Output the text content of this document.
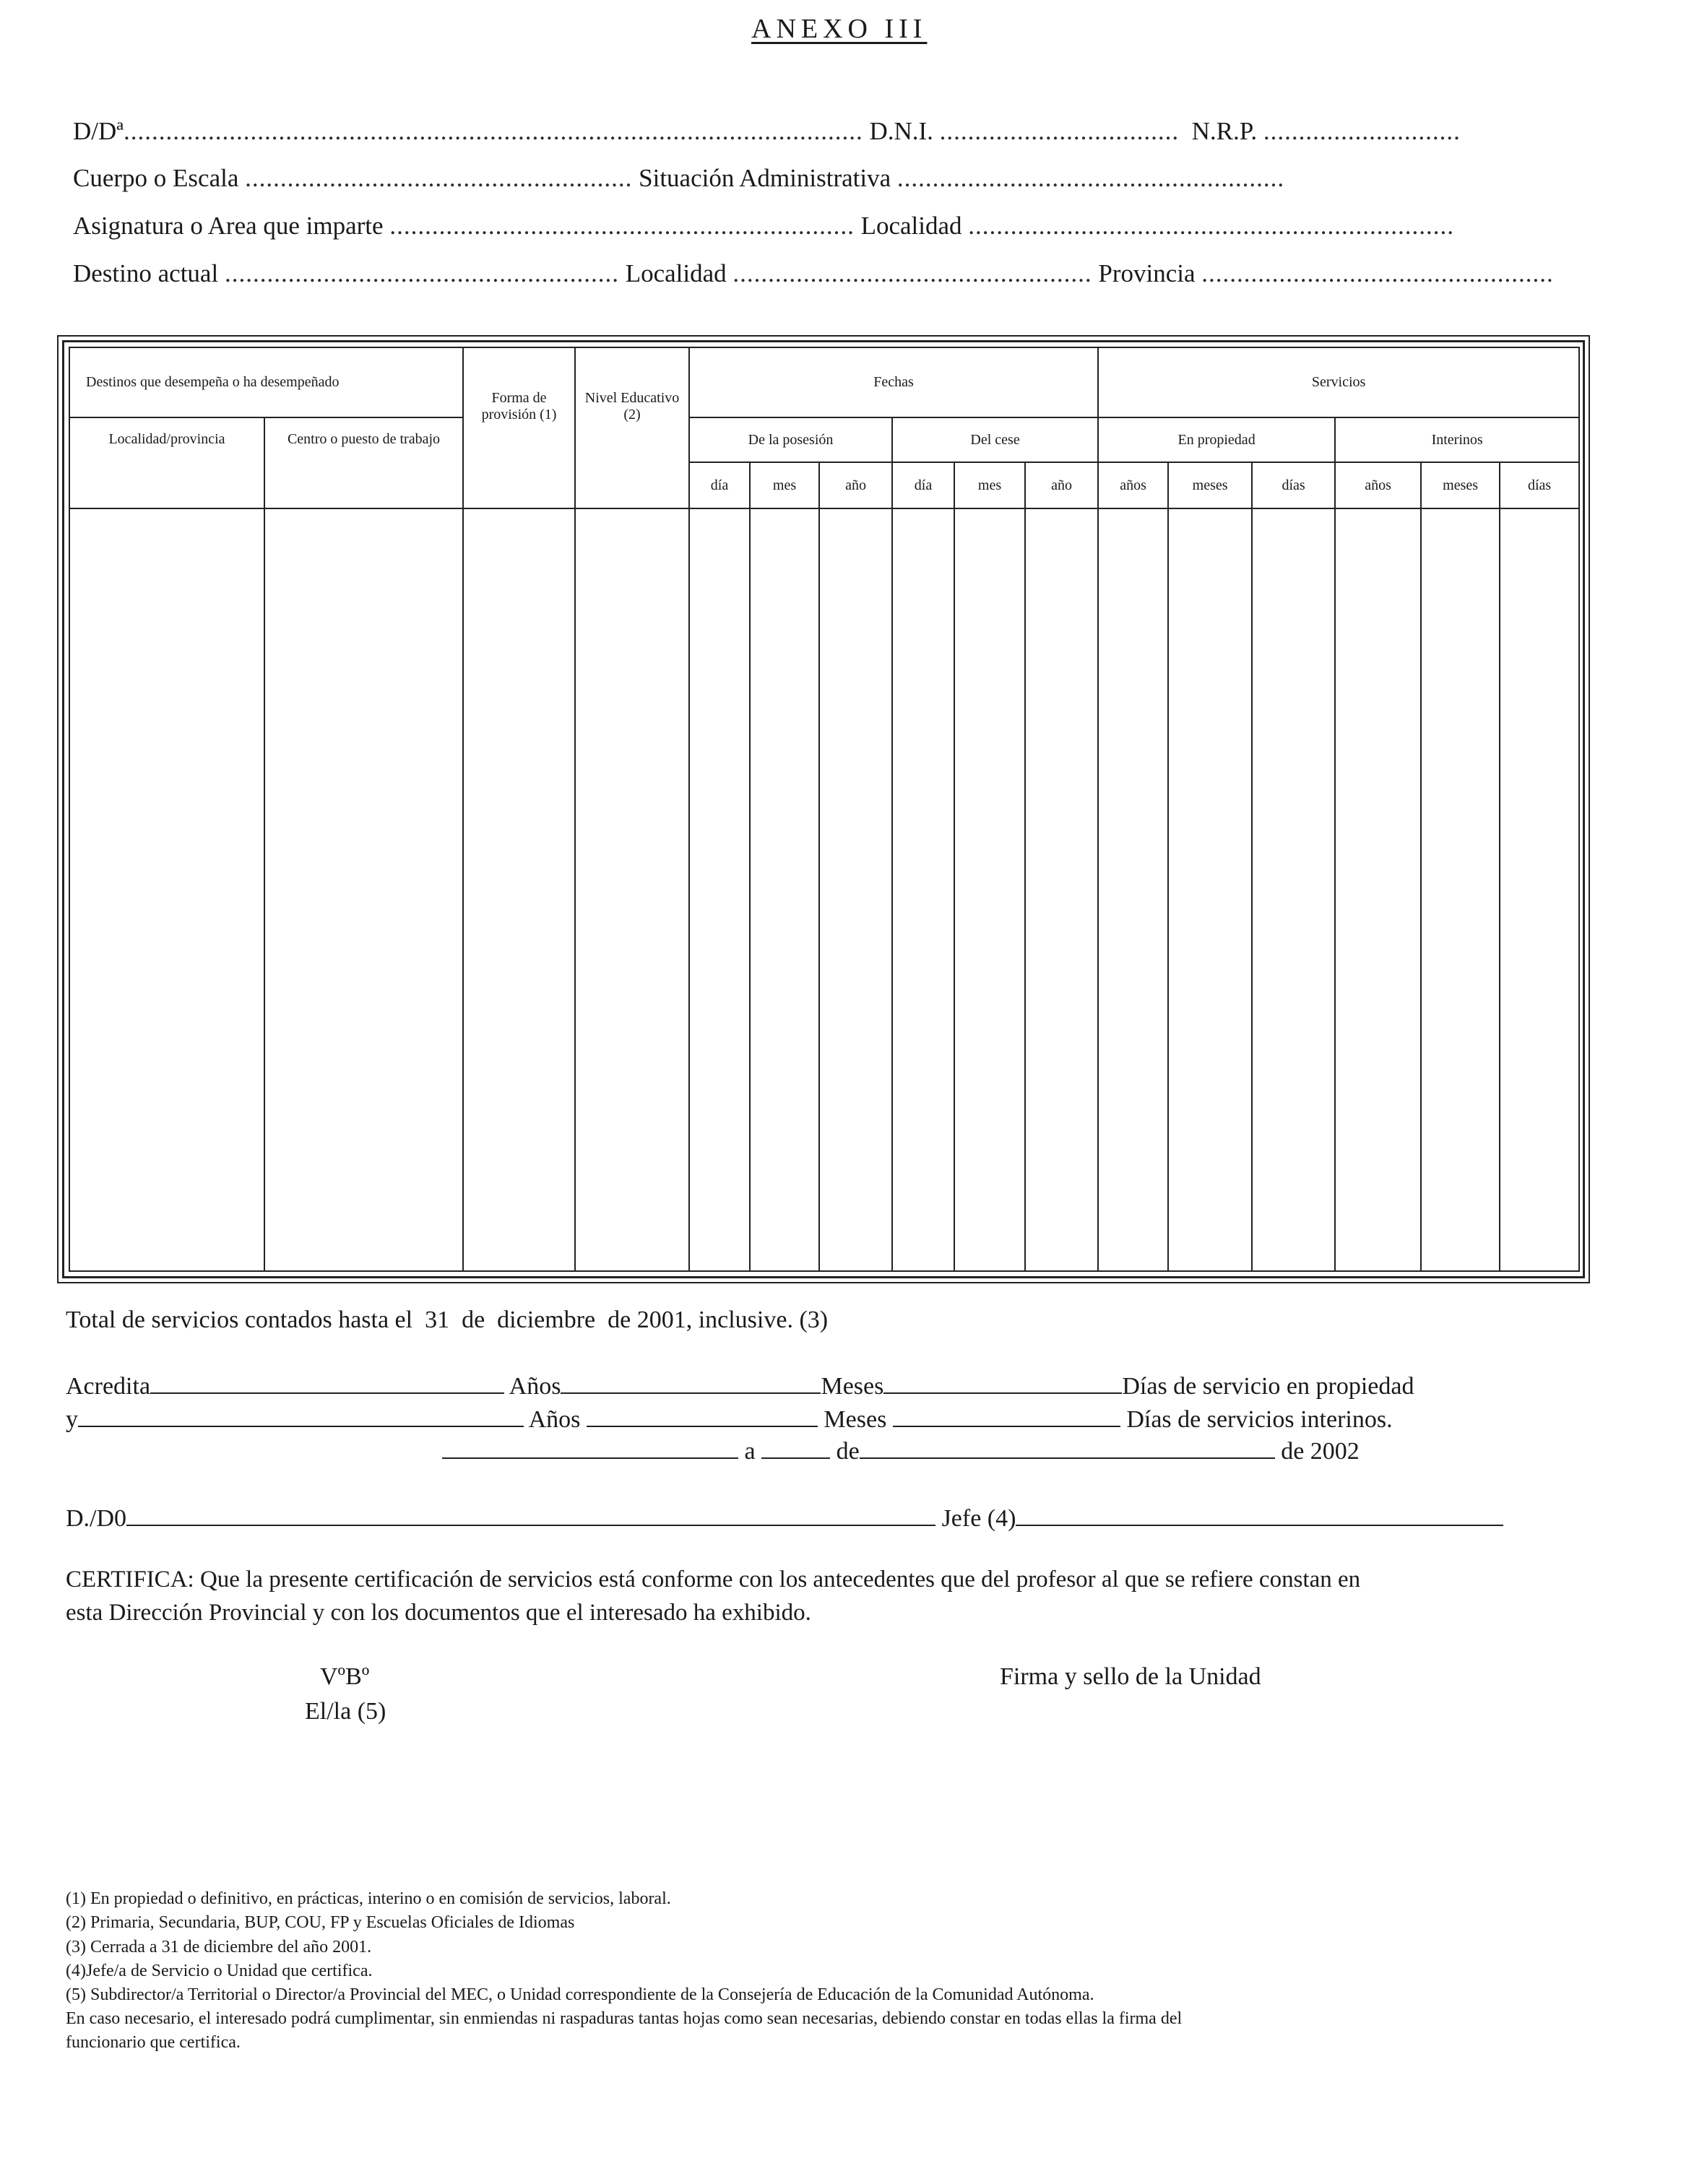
ANEXO III
D/Dª......................................................................................................... D.N.I. .................................. N.R.P. ............................
Cuerpo o Escala ....................................................... Situación Administrativa .......................................................
Asignatura o Area que imparte .................................................................. Localidad .....................................................................
Destino actual ........................................................ Localidad ................................................... Provincia ..................................................
Destinos que desempeña o ha desempeñado		Forma de provisión (1)	Nivel Educativo (2)	Fechas						Servicios					
Localidad/provincia	Centro o puesto de trabajo			De la posesión			Del cese			En propiedad			Interinos		
				día	mes	año	día	mes	año	años	meses	días	años	meses	días

Total de servicios contados hasta el  31  de  diciembre  de 2001, inclusive. (3)
Acredita	Años	Meses	Días de servicio en propiedad
y	Años	Meses	Días de servicios interinos.
a	de	de 2002
D./D0	Jefe (4)
CERTIFICA: Que la presente certificación de servicios está conforme con los antecedentes que del profesor al que se refiere constan en
esta Dirección Provincial y con los documentos que el interesado ha exhibido.
VºBº
El/la (5)
Firma y sello de la Unidad
(1) En propiedad o definitivo, en prácticas, interino o en comisión de servicios, laboral.
(2) Primaria, Secundaria, BUP, COU, FP y Escuelas Oficiales de Idiomas
(3) Cerrada a 31 de diciembre del año 2001.
(4)Jefe/a de Servicio o Unidad que certifica.
(5) Subdirector/a Territorial o Director/a Provincial del MEC, o Unidad correspondiente de la Consejería de Educación de la Comunidad Autónoma.
En caso necesario, el interesado podrá cumplimentar, sin enmiendas ni raspaduras tantas hojas como sean necesarias, debiendo constar en todas ellas la firma del
funcionario que certifica.
